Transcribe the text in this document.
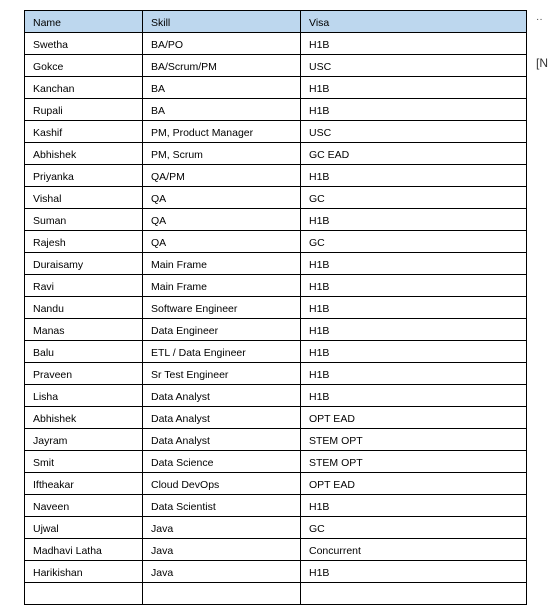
Name	Skill	Visa
Swetha	BA/PO	H1B
Gokce	BA/Scrum/PM	USC
Kanchan	BA	H1B
Rupali	BA	H1B
Kashif	PM, Product Manager	USC
Abhishek	PM, Scrum	GC EAD
Priyanka	QA/PM	H1B
Vishal	QA	GC
Suman	QA	H1B
Rajesh	QA	GC
Duraisamy	Main Frame	H1B
Ravi	Main Frame	H1B
Nandu	Software Engineer	H1B
Manas	Data Engineer	H1B
Balu	ETL / Data Engineer	H1B
Praveen	Sr Test Engineer	H1B
Lisha	Data Analyst	H1B
Abhishek	Data Analyst	OPT EAD
Jayram	Data Analyst	STEM OPT
Smit	Data Science	STEM OPT
Iftheakar	Cloud DevOps	OPT EAD
Naveen	Data Scientist	H1B
Ujwal	Java	GC
Madhavi Latha	Java	Concurrent
Harikishan	Java	H1B

··
[N
